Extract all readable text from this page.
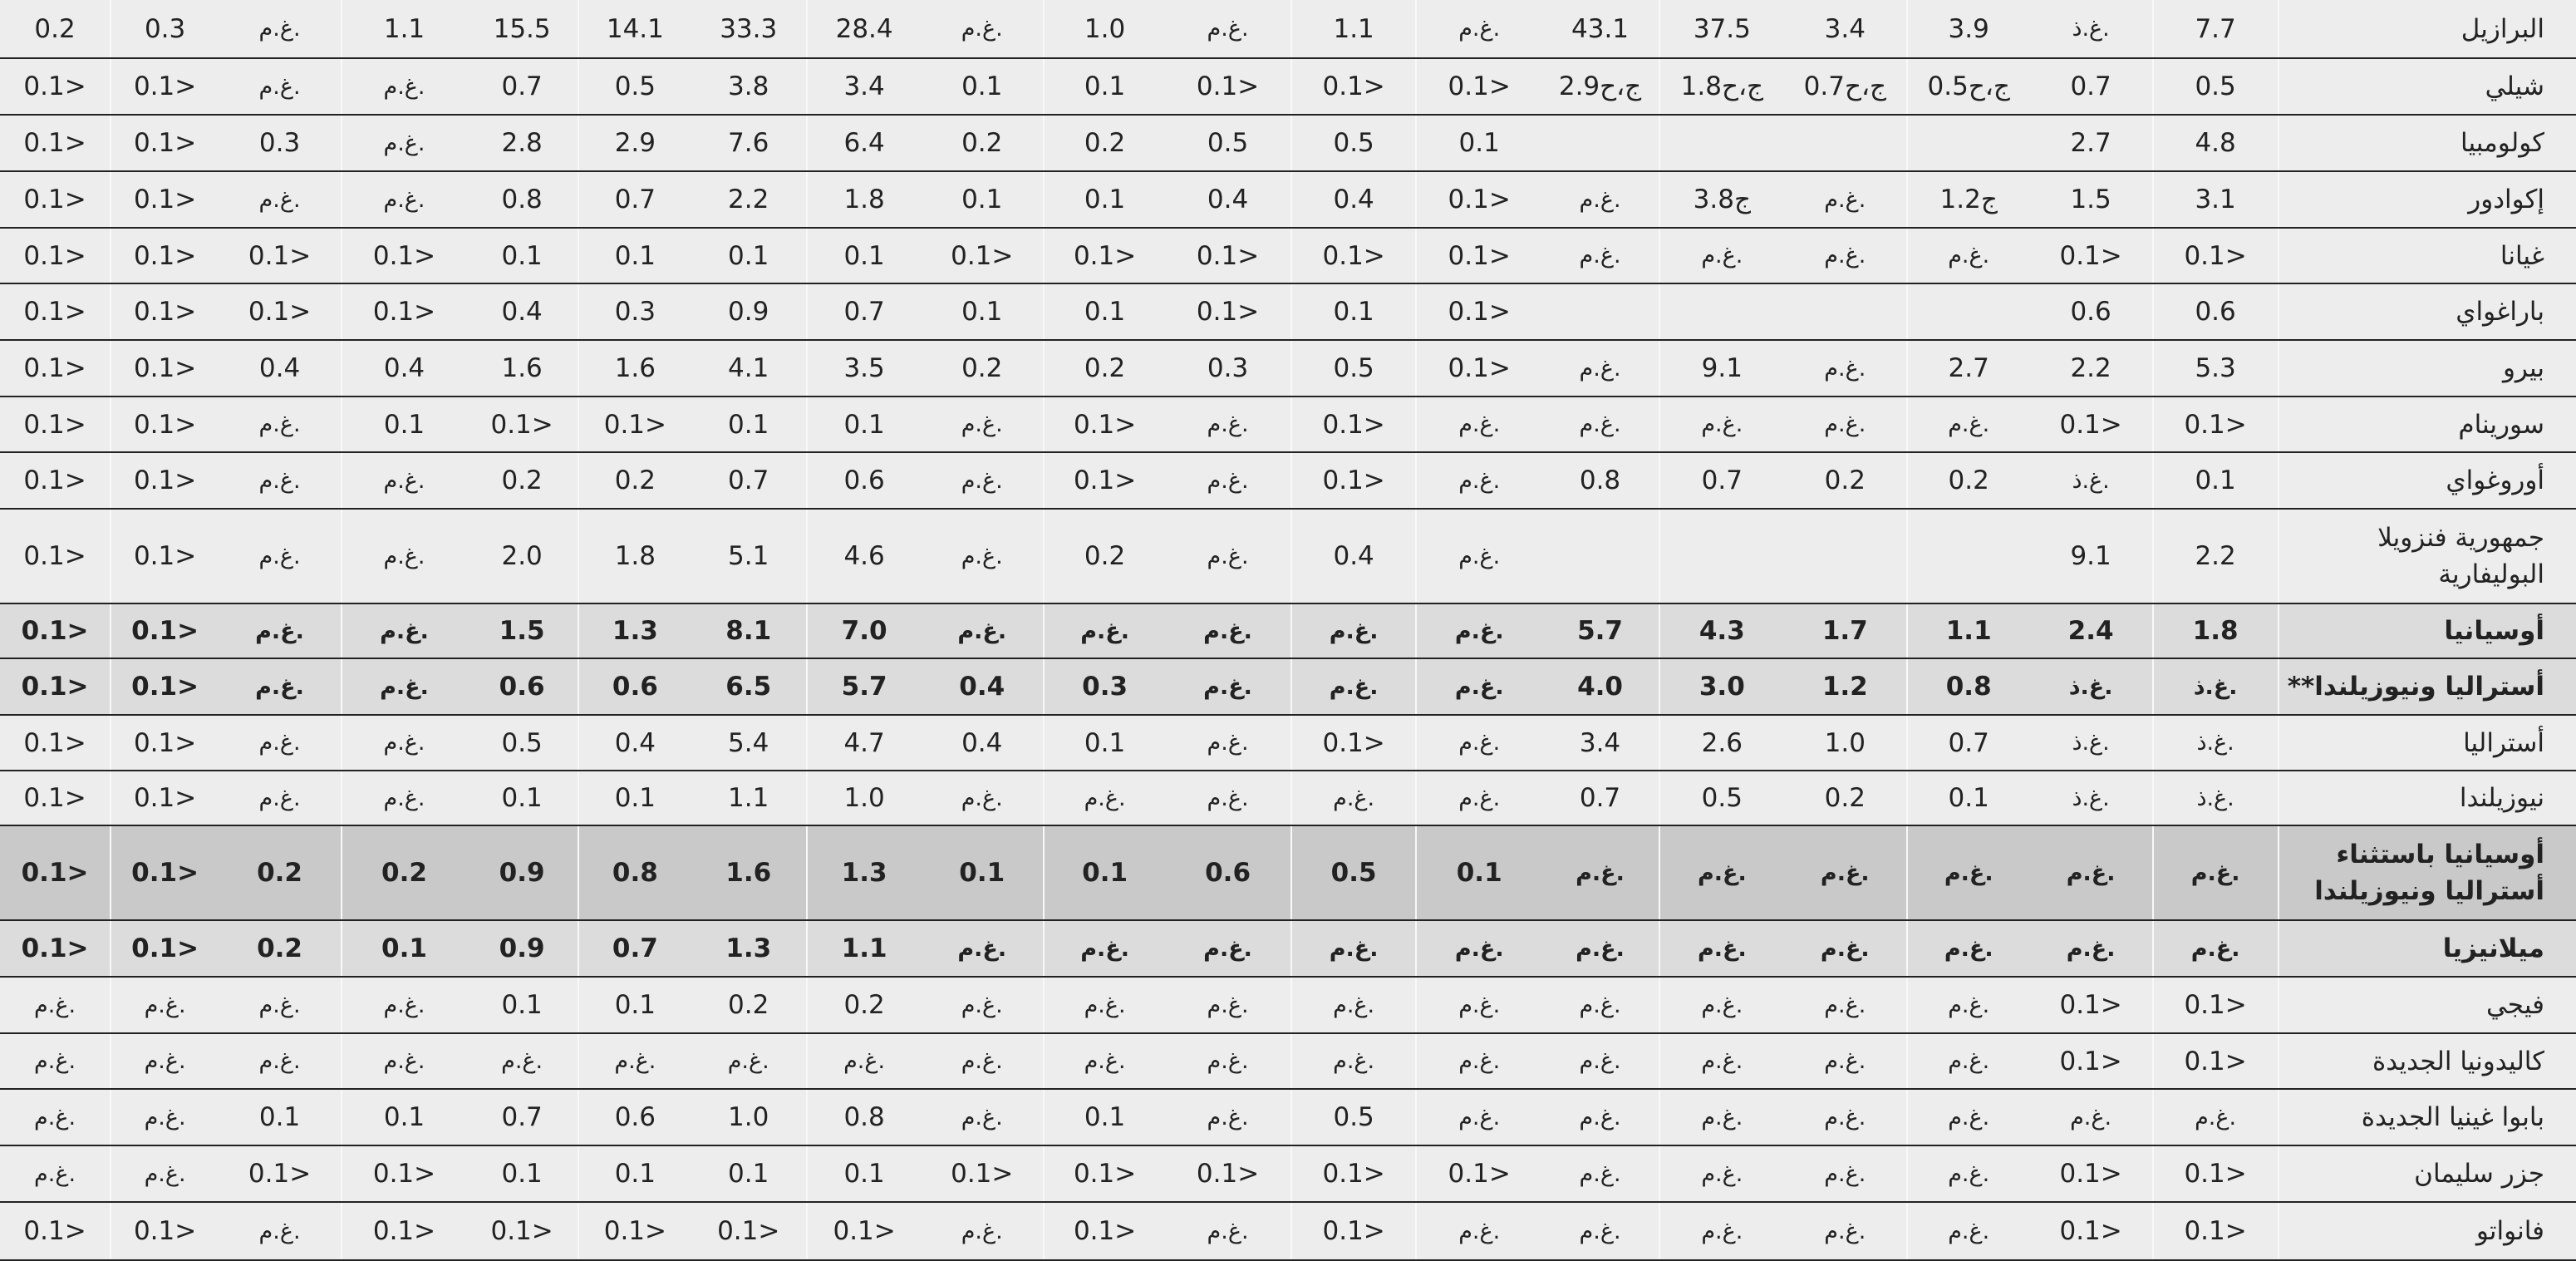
0.2	0.3	غ.م.	1.1	15.5	14.1	33.3	28.4	غ.م.	1.0	غ.م.	1.1	غ.م.	43.1	37.5	3.4	3.9	غ.ذ.	7.7	البرازيل
0.1>	0.1>	غ.م.	غ.م.	0.7	0.5	3.8	3.4	0.1	0.1	0.1>	0.1>	0.1>	2.9ج،ح	1.8ج،ح	0.7ج،ح	0.5ج،ح	0.7	0.5	شيلي
0.1>	0.1>	0.3	غ.م.	2.8	2.9	7.6	6.4	0.2	0.2	0.5	0.5	0.1					2.7	4.8	كولومبيا
0.1>	0.1>	غ.م.	غ.م.	0.8	0.7	2.2	1.8	0.1	0.1	0.4	0.4	0.1>	غ.م.	3.8ج	غ.م.	1.2ج	1.5	3.1	إكوادور
0.1>	0.1>	0.1>	0.1>	0.1	0.1	0.1	0.1	0.1>	0.1>	0.1>	0.1>	0.1>	غ.م.	غ.م.	غ.م.	غ.م.	0.1>	0.1>	غيانا
0.1>	0.1>	0.1>	0.1>	0.4	0.3	0.9	0.7	0.1	0.1	0.1>	0.1	0.1>					0.6	0.6	باراغواي
0.1>	0.1>	0.4	0.4	1.6	1.6	4.1	3.5	0.2	0.2	0.3	0.5	0.1>	غ.م.	9.1	غ.م.	2.7	2.2	5.3	بيرو
0.1>	0.1>	غ.م.	0.1	0.1>	0.1>	0.1	0.1	غ.م.	0.1>	غ.م.	0.1>	غ.م.	غ.م.	غ.م.	غ.م.	غ.م.	0.1>	0.1>	سورينام
0.1>	0.1>	غ.م.	غ.م.	0.2	0.2	0.7	0.6	غ.م.	0.1>	غ.م.	0.1>	غ.م.	0.8	0.7	0.2	0.2	غ.ذ.	0.1	أوروغواي
0.1>	0.1>	غ.م.	غ.م.	2.0	1.8	5.1	4.6	غ.م.	0.2	غ.م.	0.4	غ.م.					9.1	2.2	جمهورية فنزويلا البوليفارية
0.1>	0.1>	غ.م.	غ.م.	1.5	1.3	8.1	7.0	غ.م.	غ.م.	غ.م.	غ.م.	غ.م.	5.7	4.3	1.7	1.1	2.4	1.8	أوسيانيا
0.1>	0.1>	غ.م.	غ.م.	0.6	0.6	6.5	5.7	0.4	0.3	غ.م.	غ.م.	غ.م.	4.0	3.0	1.2	0.8	غ.ذ.	غ.ذ.	أستراليا ونيوزيلندا**
0.1>	0.1>	غ.م.	غ.م.	0.5	0.4	5.4	4.7	0.4	0.1	غ.م.	0.1>	غ.م.	3.4	2.6	1.0	0.7	غ.ذ.	غ.ذ.	أستراليا
0.1>	0.1>	غ.م.	غ.م.	0.1	0.1	1.1	1.0	غ.م.	غ.م.	غ.م.	غ.م.	غ.م.	0.7	0.5	0.2	0.1	غ.ذ.	غ.ذ.	نيوزيلندا
0.1>	0.1>	0.2	0.2	0.9	0.8	1.6	1.3	0.1	0.1	0.6	0.5	0.1	غ.م.	غ.م.	غ.م.	غ.م.	غ.م.	غ.م.	أوسيانيا باستثناء أستراليا ونيوزيلندا
0.1>	0.1>	0.2	0.1	0.9	0.7	1.3	1.1	غ.م.	غ.م.	غ.م.	غ.م.	غ.م.	غ.م.	غ.م.	غ.م.	غ.م.	غ.م.	غ.م.	ميلانيزيا
غ.م.	غ.م.	غ.م.	غ.م.	0.1	0.1	0.2	0.2	غ.م.	غ.م.	غ.م.	غ.م.	غ.م.	غ.م.	غ.م.	غ.م.	غ.م.	0.1>	0.1>	فيجي
غ.م.	غ.م.	غ.م.	غ.م.	غ.م.	غ.م.	غ.م.	غ.م.	غ.م.	غ.م.	غ.م.	غ.م.	غ.م.	غ.م.	غ.م.	غ.م.	غ.م.	0.1>	0.1>	كاليدونيا الجديدة
غ.م.	غ.م.	0.1	0.1	0.7	0.6	1.0	0.8	غ.م.	0.1	غ.م.	0.5	غ.م.	غ.م.	غ.م.	غ.م.	غ.م.	غ.م.	غ.م.	بابوا غينيا الجديدة
غ.م.	غ.م.	0.1>	0.1>	0.1	0.1	0.1	0.1	0.1>	0.1>	0.1>	0.1>	0.1>	غ.م.	غ.م.	غ.م.	غ.م.	0.1>	0.1>	جزر سليمان
0.1>	0.1>	غ.م.	0.1>	0.1>	0.1>	0.1>	0.1>	غ.م.	0.1>	غ.م.	0.1>	غ.م.	غ.م.	غ.م.	غ.م.	غ.م.	0.1>	0.1>	فانواتو
